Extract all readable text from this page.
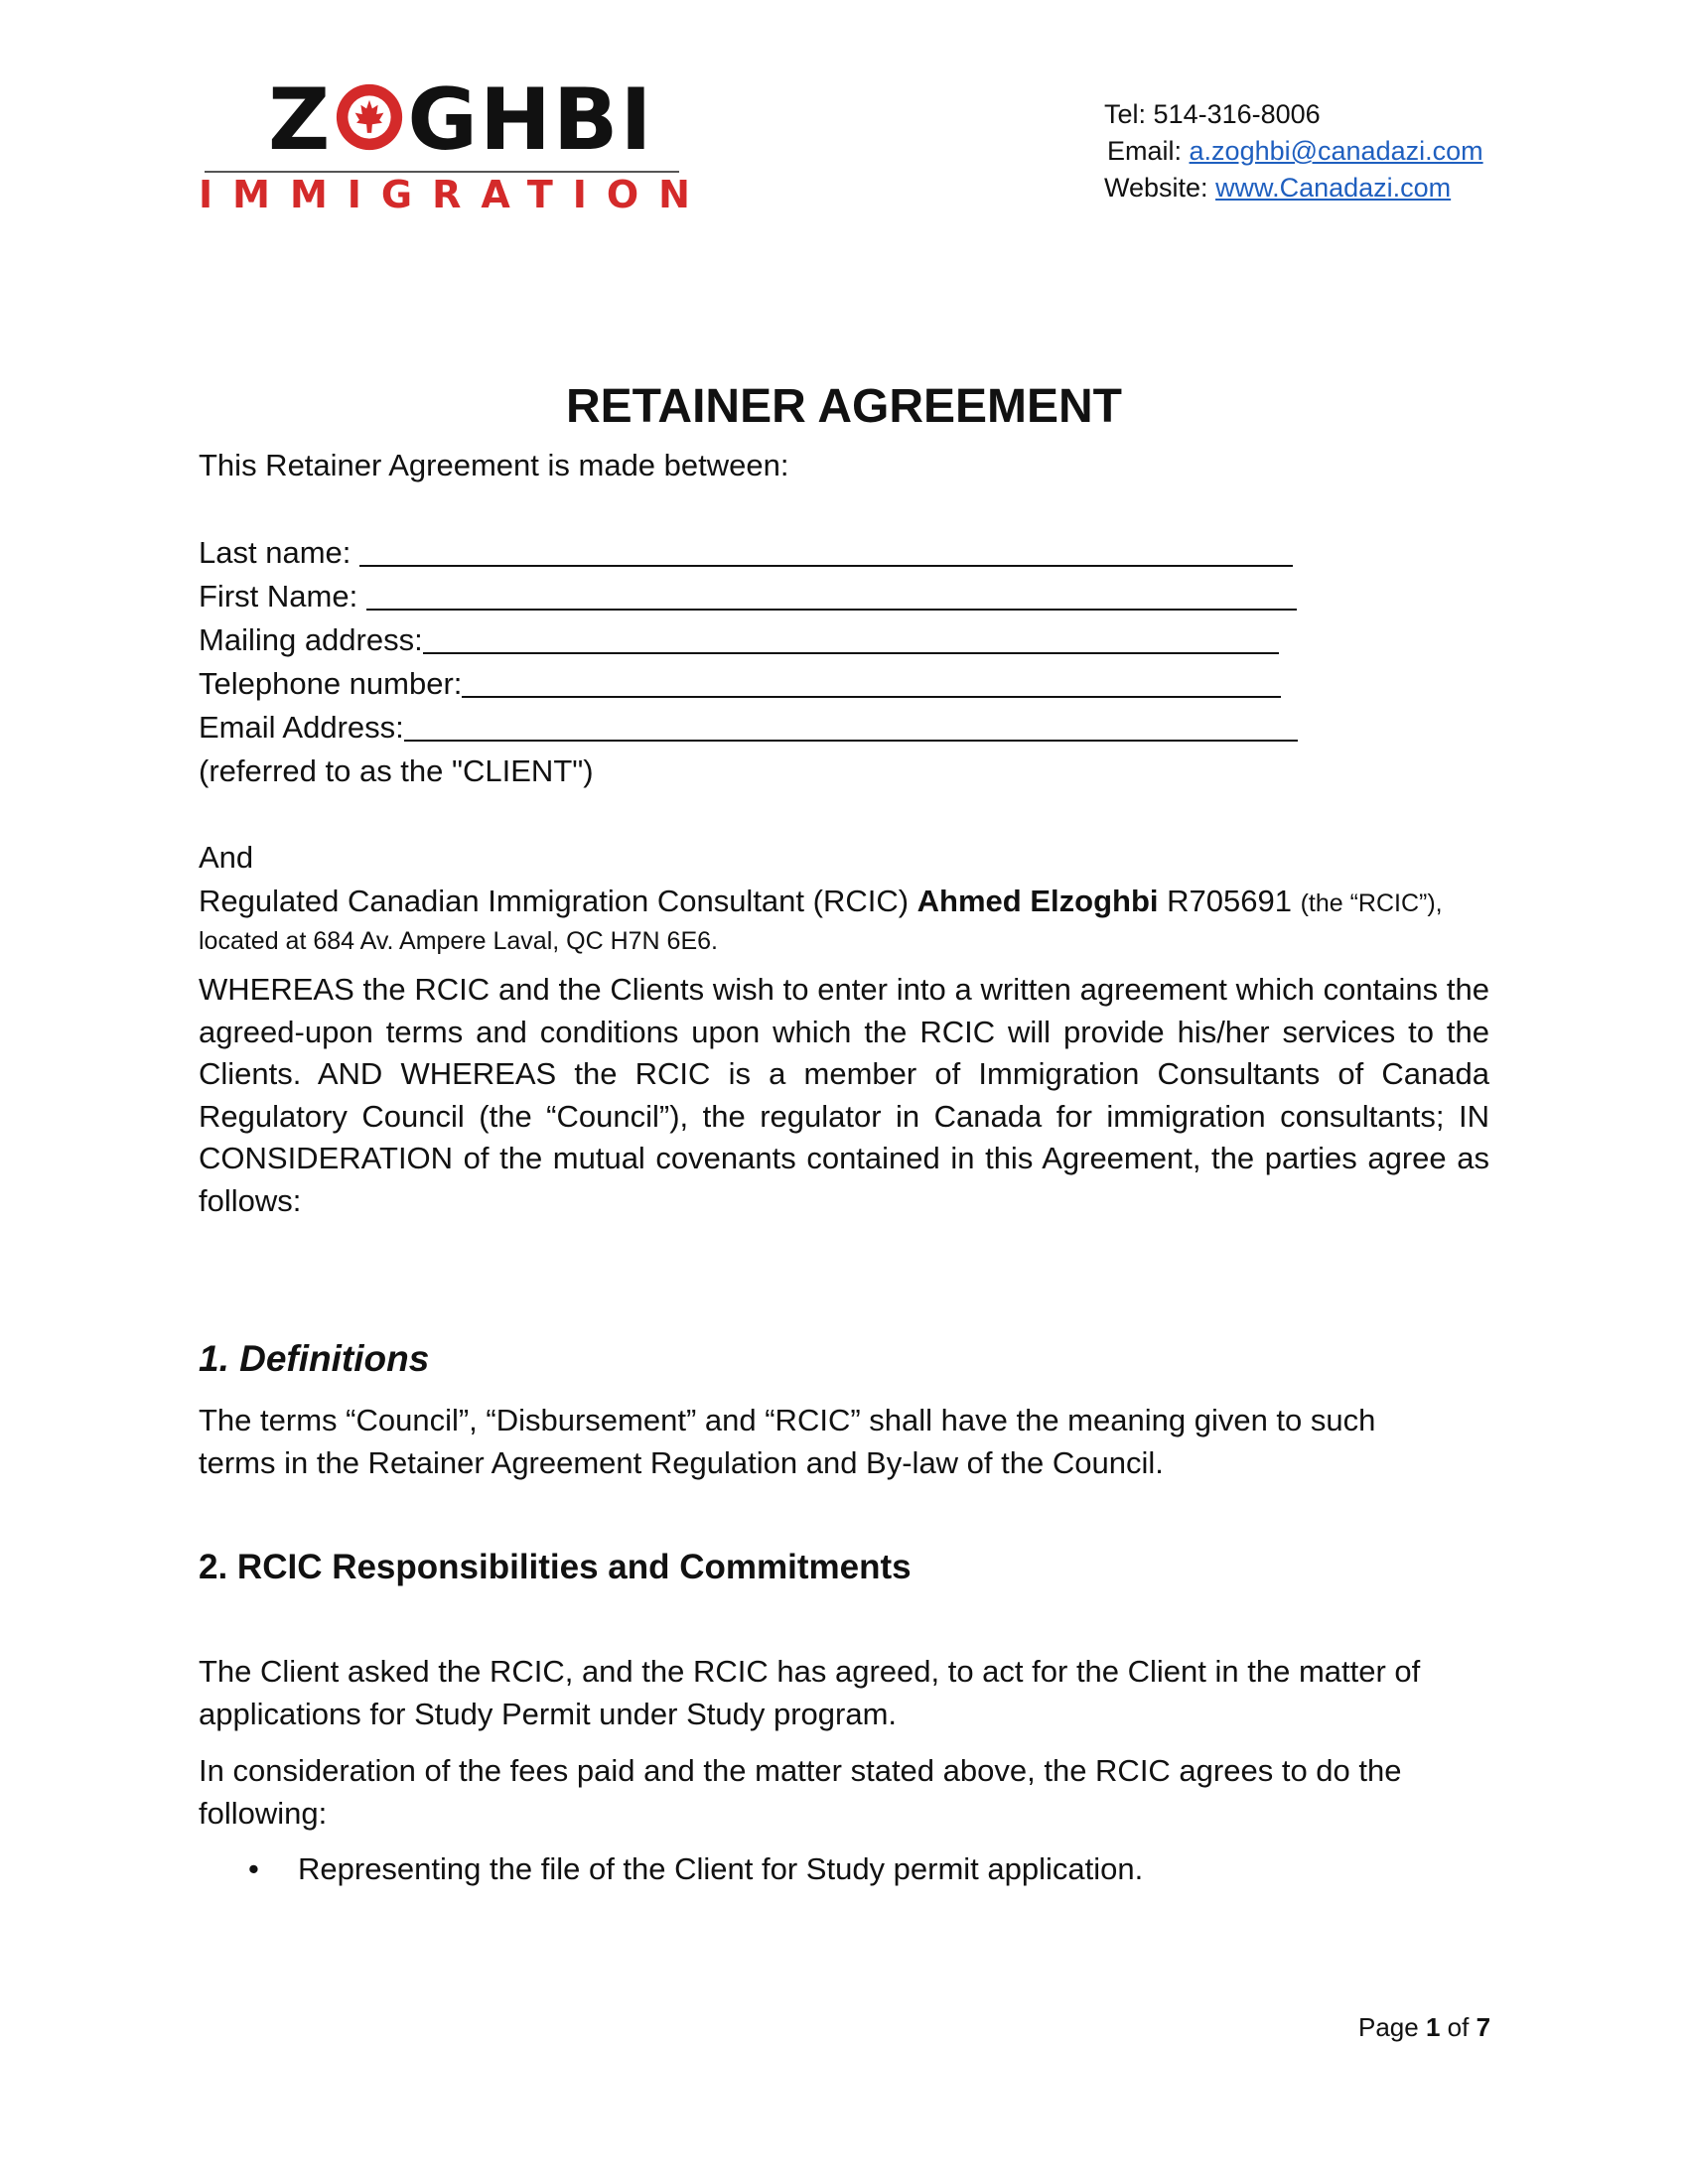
Z GHBI
IMMIGRATION
Tel: 514-316-8006
Email: a.zoghbi@canadazi.com
Website: www.Canadazi.com
RETAINER AGREEMENT
This Retainer Agreement is made between:
Last name:
First Name:
Mailing address:
Telephone number:
Email Address:
(referred to as the "CLIENT")
And
Regulated Canadian Immigration Consultant (RCIC) Ahmed Elzoghbi R705691 (the “RCIC”),
located at 684 Av. Ampere Laval, QC H7N 6E6.
WHEREAS the RCIC and the Clients wish to enter into a written agreement which contains the agreed-upon terms and conditions upon which the RCIC will provide his/her services to the Clients. AND WHEREAS the RCIC is a member of Immigration Consultants of Canada Regulatory Council (the “Council”), the regulator in Canada for immigration consultants; IN CONSIDERATION of the mutual covenants contained in this Agreement, the parties agree as follows:
1. Definitions
The terms “Council”, “Disbursement” and “RCIC” shall have the meaning given to such
terms in the Retainer Agreement Regulation and By-law of the Council.
2. RCIC Responsibilities and Commitments
The Client asked the RCIC, and the RCIC has agreed, to act for the Client in the matter of applications for Study Permit under Study program.
In consideration of the fees paid and the matter stated above, the RCIC agrees to do the following:
• Representing the file of the Client for Study permit application.
Page 1 of 7
